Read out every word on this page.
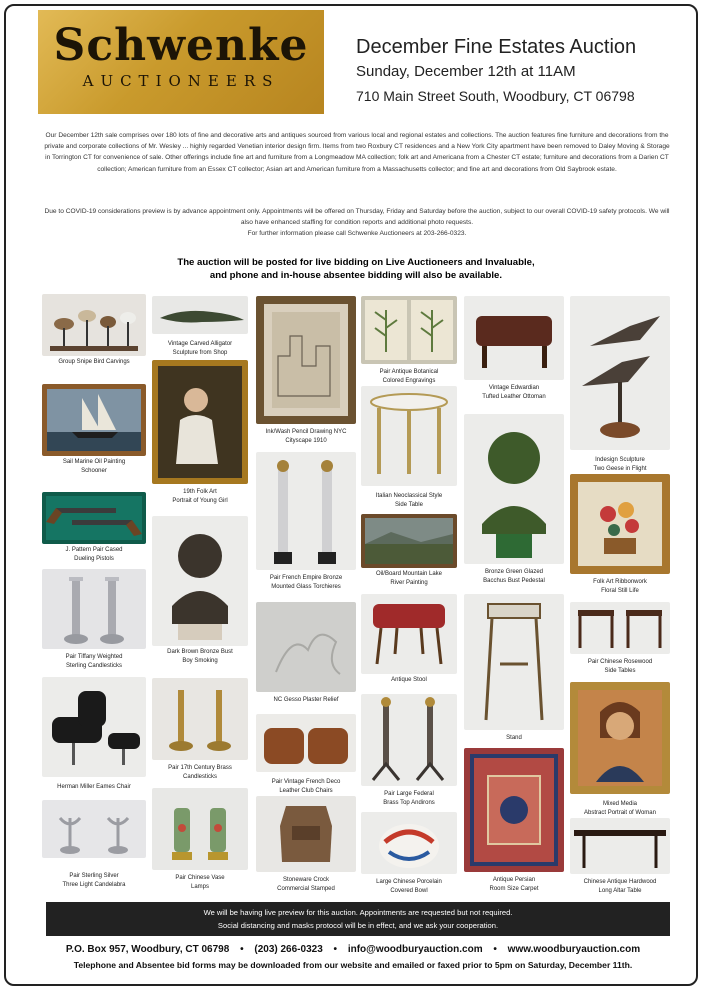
Schwenke
AUCTIONEERS
December Fine Estates Auction
Sunday, December 12th at 11AM
710 Main Street South, Woodbury, CT 06798
Our December 12th sale comprises over 180 lots of fine and decorative arts and antiques sourced from various local and regional estates and collections. The auction features fine furniture and decorations from the private and corporate collections of Mr. Wesley ... highly regarded Venetian interior design firm. Items from two Roxbury CT residences and a New York City apartment have been removed to Daley Moving & Storage in Torrington CT for convenience of sale. Other offerings include fine art and furniture from a Longmeadow MA collection; folk art and Americana from a Chester CT estate; furniture and decorations from a Darien CT collection; American furniture from an Essex CT collector; Asian art and American furniture from a Massachusetts collector; and fine art and decorations from Old Saybrook estate.
Due to COVID-19 considerations preview is by advance appointment only. Appointments will be offered on Thursday, Friday and Saturday before the auction, subject to our overall COVID-19 safety protocols. We will also have enhanced staffing for condition reports and additional photo requests.
For further information please call Schwenke Auctioneers at 203-266-0323.
The auction will be posted for live bidding on Live Auctioneers and Invaluable,
and phone and in-house absentee bidding will also be available.
Group Snipe Bird Carvings
Sail Marine Oil Painting
Schooner
J. Pattern Pair Cased
Dueling Pistols
Pair Tiffany Weighted
Sterling Candlesticks
Herman Miller Eames Chair
Pair Sterling Silver
Three Light Candelabra
Vintage Carved Alligator
Sculpture from Shop
19th Folk Art
Portrait of Young Girl
Dark Brown Bronze Bust
Boy Smoking
Pair 17th Century Brass
Candlesticks
Pair Chinese Vase
Lamps
Ink/Wash Pencil Drawing NYC
Cityscape 1910
Pair French Empire Bronze
Mounted Glass Torchieres
NC Gesso Plaster Relief
Pair Vintage French Deco
Leather Club Chairs
Stoneware Crock
Commercial Stamped
Pair Antique Botanical
Colored Engravings
Italian Neoclassical Style
Side Table
Oil/Board Mountain Lake
River Painting
Antique Stool
Pair Large Federal
Brass Top Andirons
Large Chinese Porcelain
Covered Bowl
Vintage Edwardian
Tufted Leather Ottoman
Bronze Green Glazed
Bacchus Bust Pedestal
Stand
Antique Persian
Room Size Carpet
Indesign Sculpture
Two Geese in Flight
Folk Art Ribbonwork
Floral Still Life
Pair Chinese Rosewood
Side Tables
Mixed Media
Abstract Portrait of Woman
Chinese Antique Hardwood
Long Altar Table
We will be having live preview for this auction. Appointments are requested but not required.
Social distancing and masks protocol will be in effect, and we ask your cooperation.
P.O. Box 957, Woodbury, CT 06798 • (203) 266-0323 • info@woodburyauction.com • www.woodburyauction.com
Telephone and Absentee bid forms may be downloaded from our website and emailed or faxed prior to 5pm on Saturday, December 11th.
